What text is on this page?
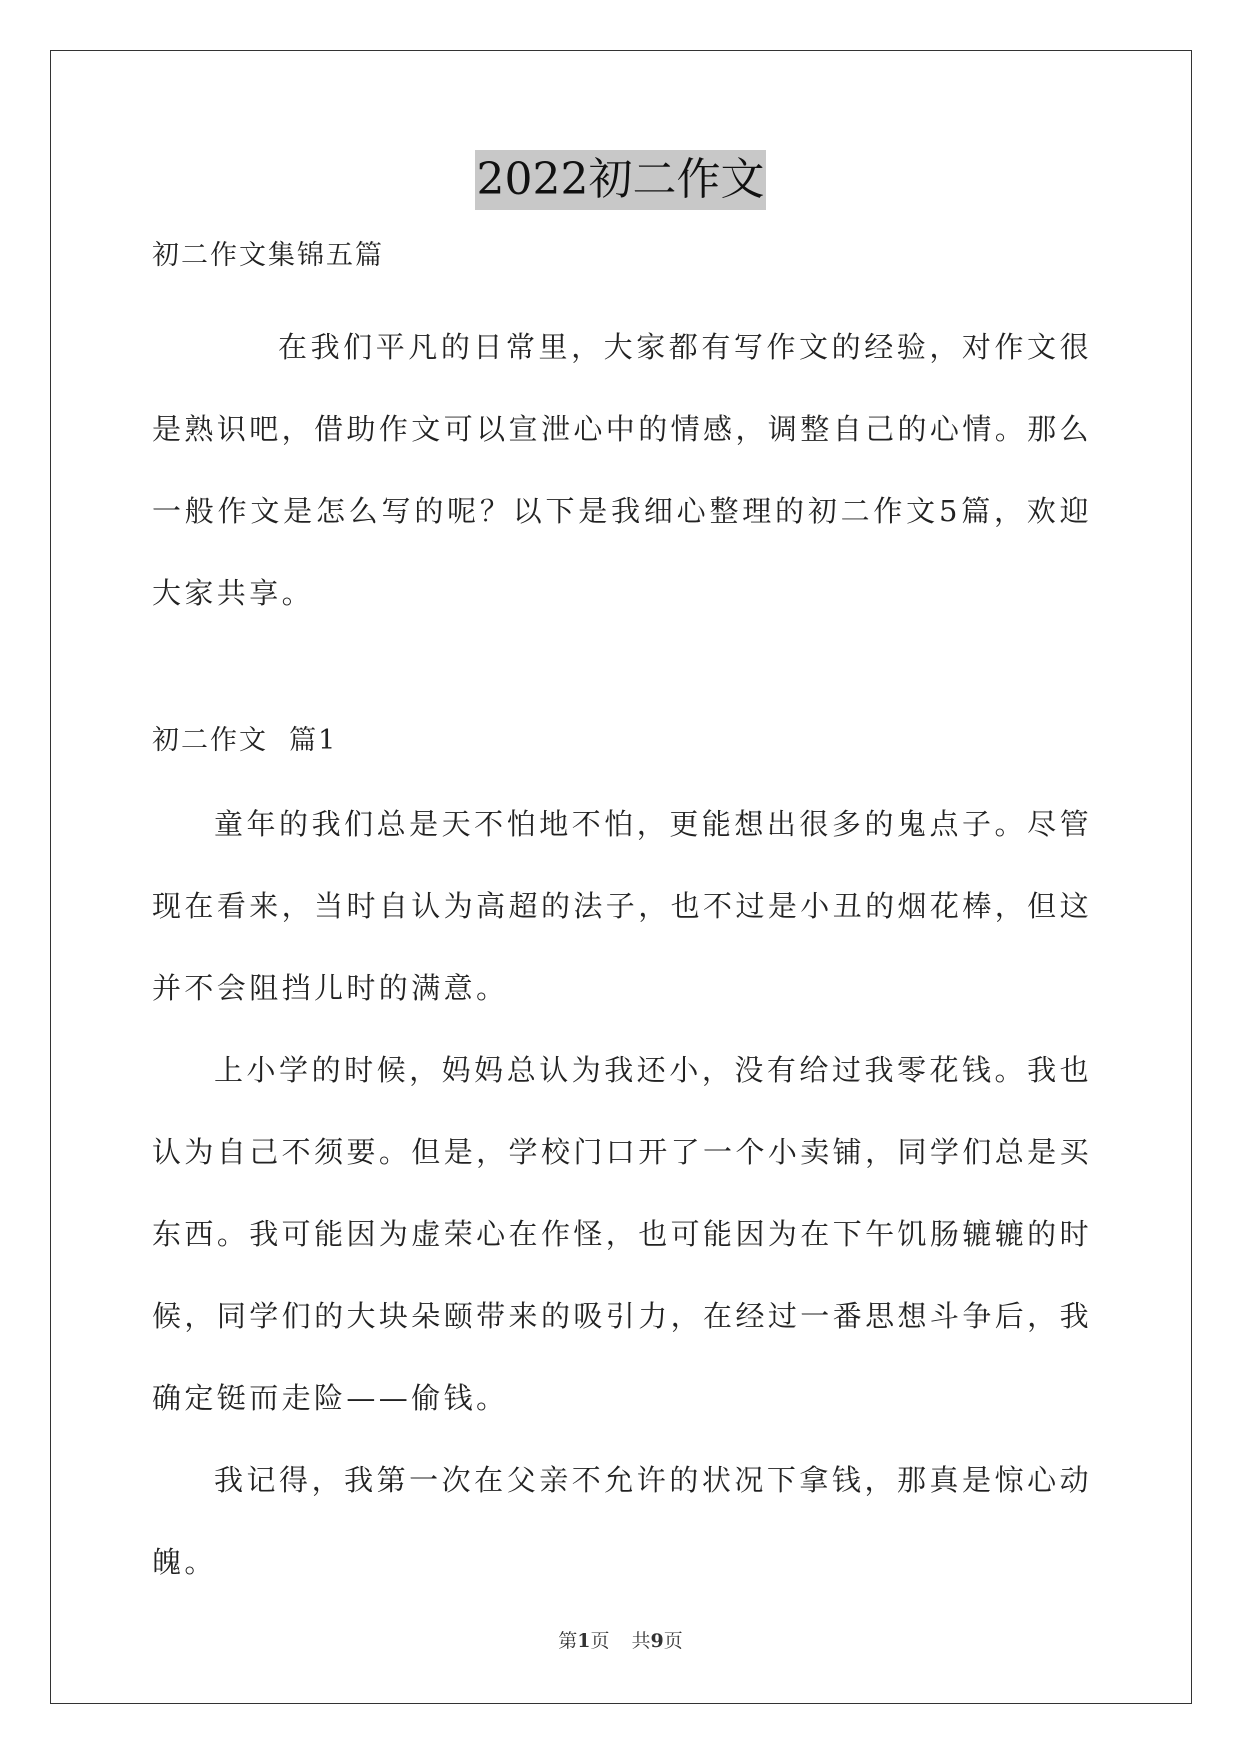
2022初二作文

初二作文集锦五篇

在我们平凡的日常里，大家都有写作文的经验，对作文很是熟识吧，借助作文可以宣泄心中的情感，调整自己的心情。那么一般作文是怎么写的呢？以下是我细心整理的初二作文5篇，欢迎大家共享。

初二作文  篇1

童年的我们总是天不怕地不怕，更能想出很多的鬼点子。尽管现在看来，当时自认为高超的法子，也不过是小丑的烟花棒，但这并不会阻挡儿时的满意。

上小学的时候，妈妈总认为我还小，没有给过我零花钱。我也认为自己不须要。但是，学校门口开了一个小卖铺，同学们总是买东西。我可能因为虚荣心在作怪，也可能因为在下午饥肠辘辘的时候，同学们的大块朵颐带来的吸引力，在经过一番思想斗争后，我确定铤而走险——偷钱。

我记得，我第一次在父亲不允许的状况下拿钱，那真是惊心动魄。

第1页 共9页
